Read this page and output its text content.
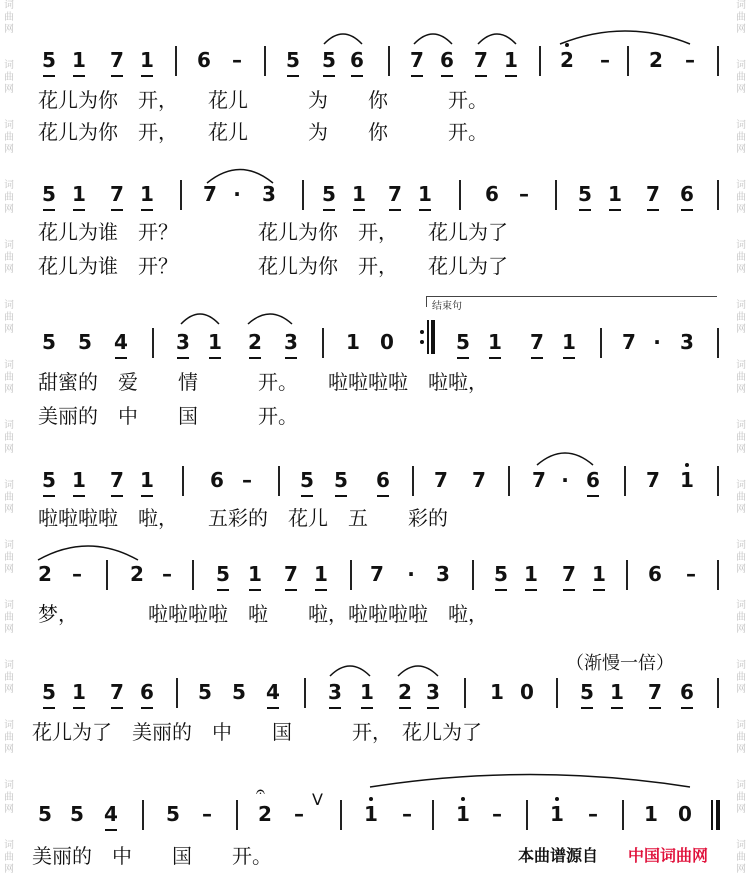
词曲网
词曲网
词曲网
词曲网
词曲网
词曲网
词曲网
词曲网
词曲网
词曲网
词曲网
词曲网
词曲网
词曲网
词曲网
词曲网
词曲网
词曲网
词曲网
词曲网
词曲网
词曲网
词曲网
词曲网
词曲网
词曲网
词曲网
词曲网
词曲网
词曲网
5 1 7 1 6	–	5 5 6 7 6 7 1 2	–	2	–
花儿为你　开，　　花儿　　　为　　你　　　开。
花儿为你　开，　　花儿　　　为　　你　　　开。
5 1 7 1 7 ·	3 5 1 7 1	6	–	5 1 7 6
花儿为谁　开？　　　　花儿为你　开，　　花儿为了
花儿为谁　开？　　　　花儿为你　开，　　花儿为了
结束句
5 5 4 3 1 2 3 1 0	5 1 7 1 7 · 3
甜蜜的　爱　　情　　　开。　　啦啦啦啦　啦啦，
美丽的　中　　国　　　开。
5 1 7 1	6 –	5 5 6 7 7 7 · 6 7 1
啦啦啦啦　啦，　　五彩的　花儿　五　　彩的
2	–	2 –	5 1 7 1 7	·	3 5 1 7 1 6	–
梦，　　　　啦啦啦啦　啦　　啦，啦啦啦啦　啦，
（渐慢一倍）
5 1 7 6 5 5 4 3 1 2 3	1 0 5 1 7 6
花儿为了　美丽的　中　　国　　　开，　花儿为了
5 5 4 5	–
𝄐
2	–
V
1	–	1	–	1	–	1 0
美丽的　中　　国　　开。	本曲谱源自 中国词曲网
